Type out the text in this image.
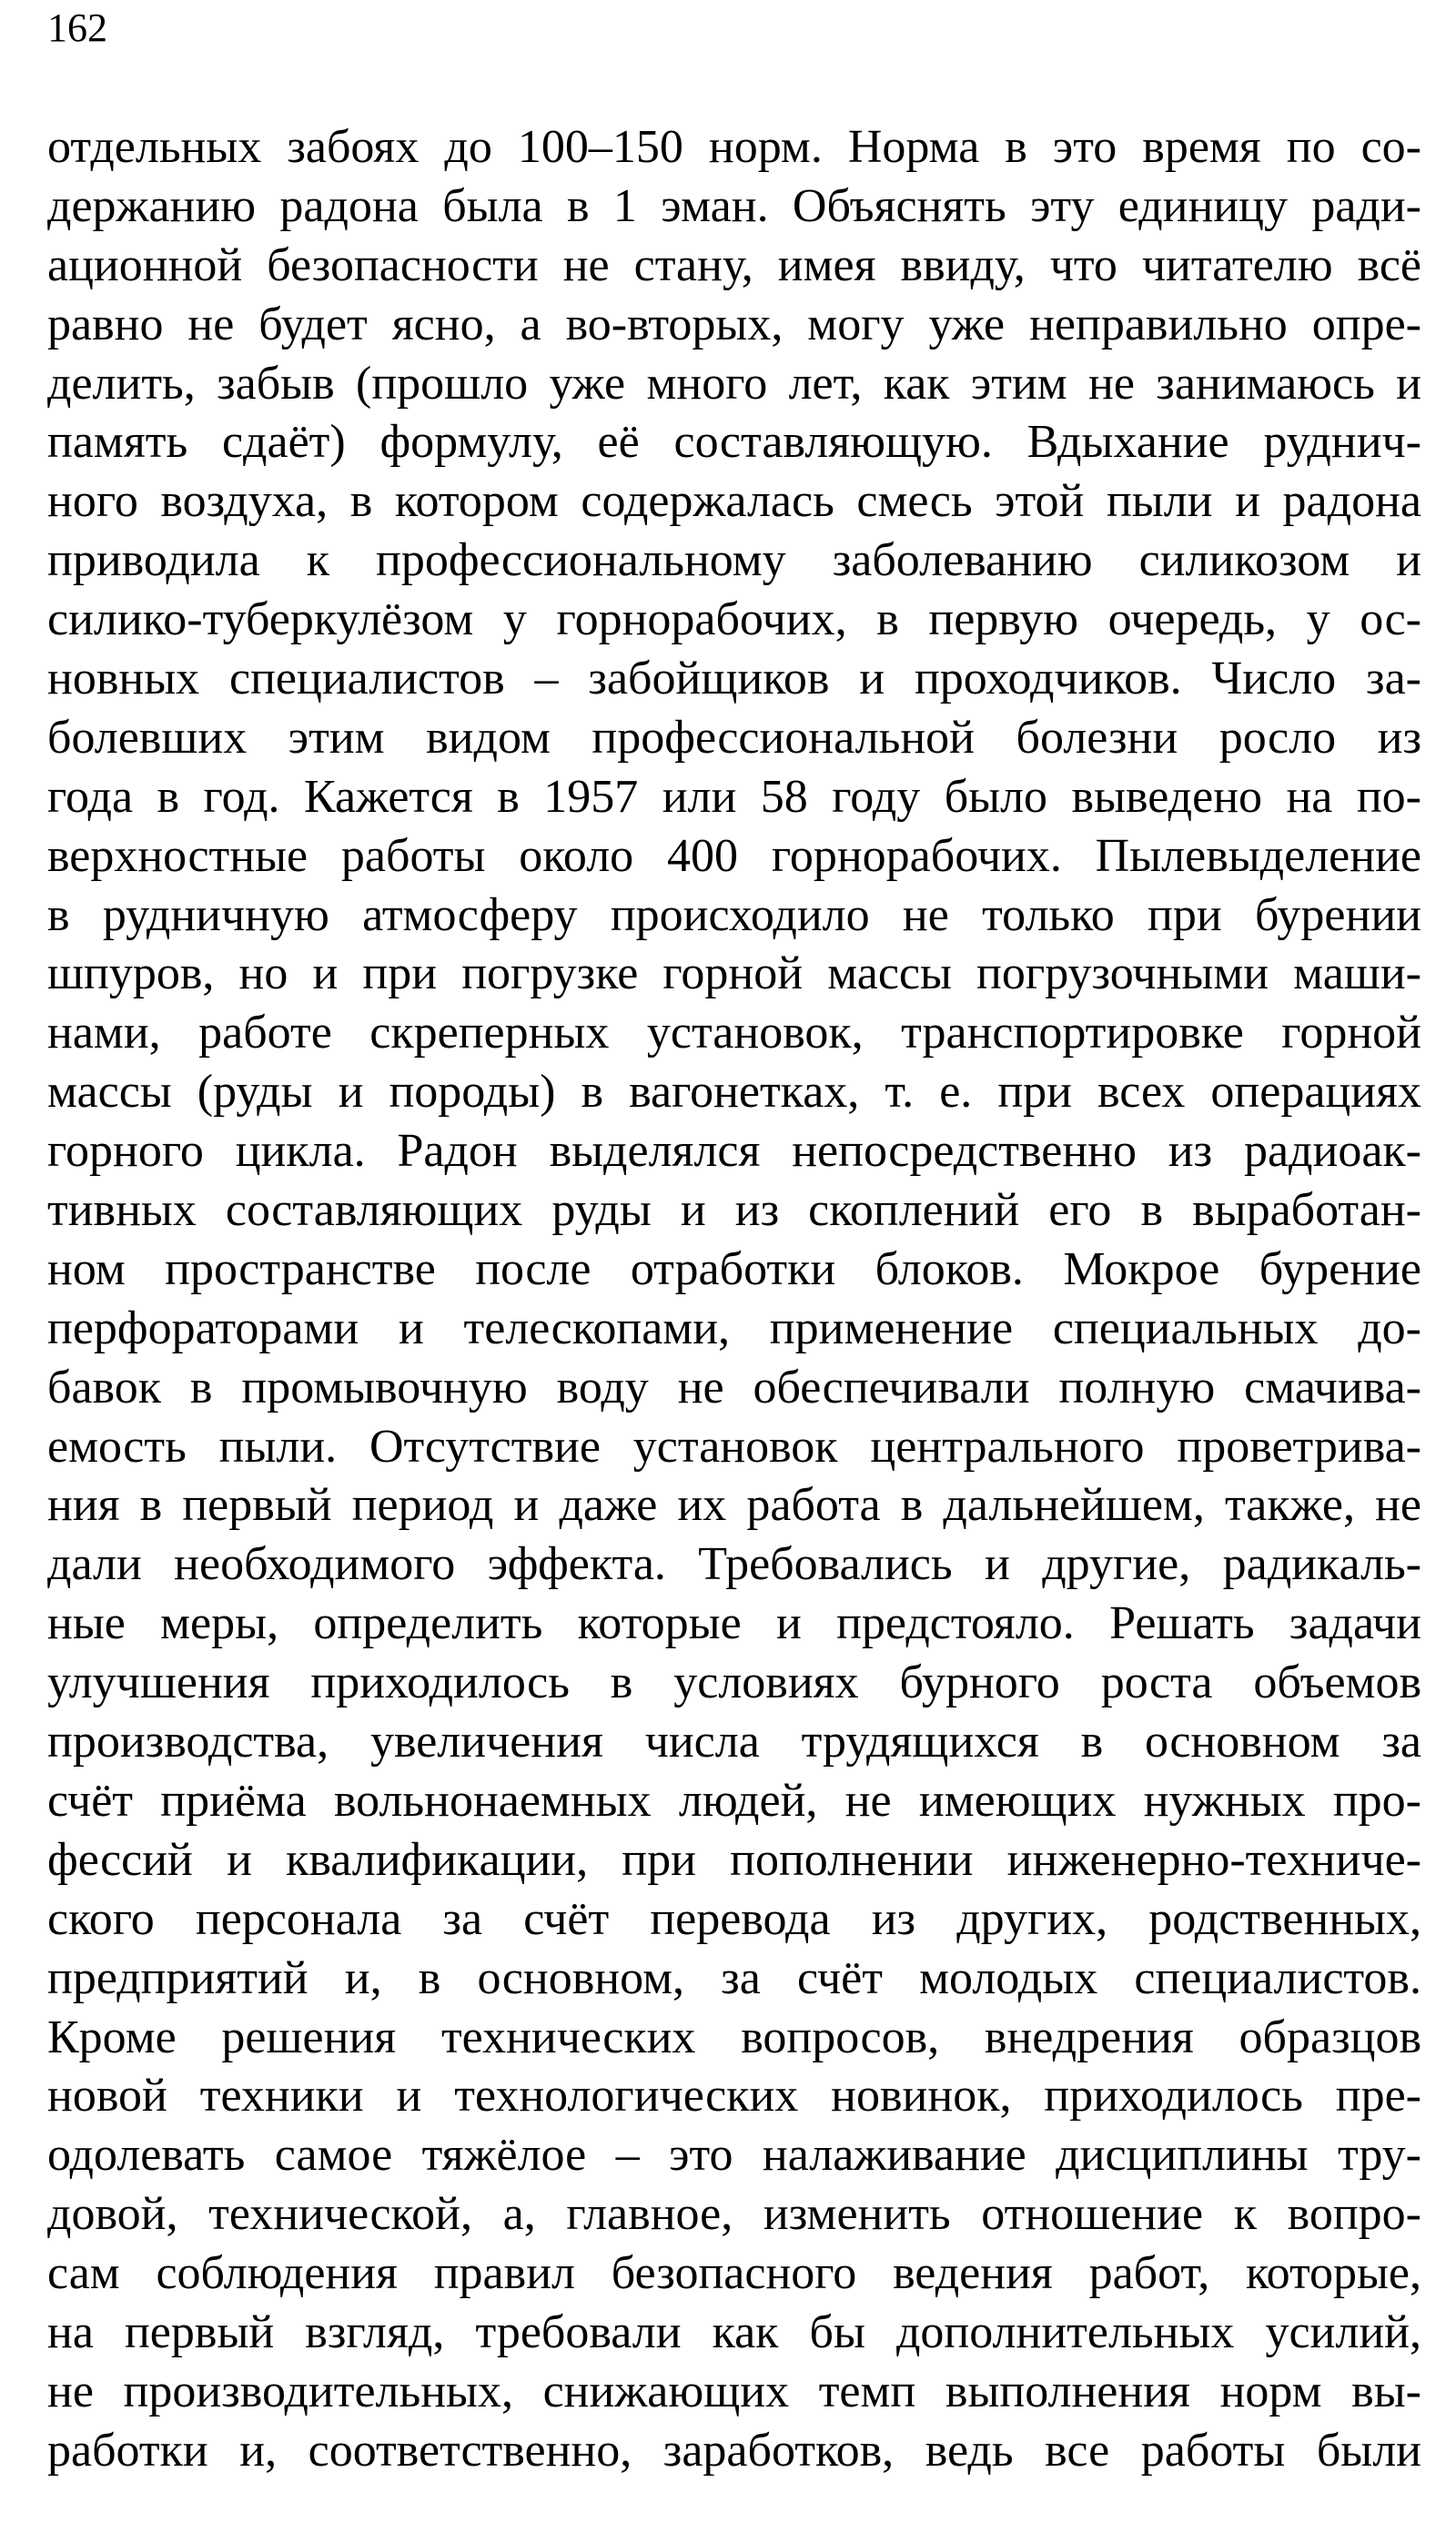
162
отдельных забоях до 100–150 норм. Норма в это время по со-
держанию радона была в 1 эман. Объяснять эту единицу ради-
ационной безопасности не стану, имея ввиду, что читателю всё
равно не будет ясно, а во-вторых, могу уже неправильно опре-
делить, забыв (прошло уже много лет, как этим не занимаюсь и
память сдаёт) формулу, её составляющую. Вдыхание руднич-
ного воздуха, в котором содержалась смесь этой пыли и радона
приводила к профессиональному заболеванию силикозом и
силико-туберкулёзом у горнорабочих, в первую очередь, у ос-
новных специалистов – забойщиков и проходчиков. Число за-
болевших этим видом профессиональной болезни росло из
года в год. Кажется в 1957 или 58 году было выведено на по-
верхностные работы около 400 горнорабочих. Пылевыделение
в рудничную атмосферу происходило не только при бурении
шпуров, но и при погрузке горной массы погрузочными маши-
нами, работе скреперных установок, транспортировке горной
массы (руды и породы) в вагонетках, т. е. при всех операциях
горного цикла. Радон выделялся непосредственно из радиоак-
тивных составляющих руды и из скоплений его в выработан-
ном пространстве после отработки блоков. Мокрое бурение
перфораторами и телескопами, применение специальных до-
бавок в промывочную воду не обеспечивали полную смачива-
емость пыли. Отсутствие установок центрального проветрива-
ния в первый период и даже их работа в дальнейшем, также, не
дали необходимого эффекта. Требовались и другие, радикаль-
ные меры, определить которые и предстояло. Решать задачи
улучшения приходилось в условиях бурного роста объемов
производства, увеличения числа трудящихся в основном за
счёт приёма вольнонаемных людей, не имеющих нужных про-
фессий и квалификации, при пополнении инженерно-техниче-
ского персонала за счёт перевода из других, родственных,
предприятий и, в основном, за счёт молодых специалистов.
Кроме решения технических вопросов, внедрения образцов
новой техники и технологических новинок, приходилось пре-
одолевать самое тяжёлое – это налаживание дисциплины тру-
довой, технической, а, главное, изменить отношение к вопро-
сам соблюдения правил безопасного ведения работ, которые,
на первый взгляд, требовали как бы дополнительных усилий,
не производительных, снижающих темп выполнения норм вы-
работки и, соответственно, заработков, ведь все работы были
